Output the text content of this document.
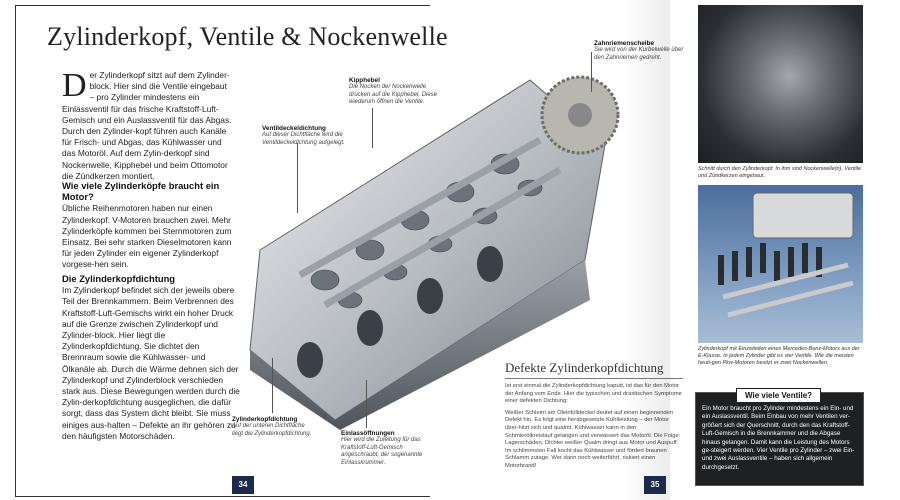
Zylinderkopf, Ventile & Nockenwelle
Der Zylinderkopf sitzt auf dem Zylinder-block. Hier sind die Ventile eingebaut – pro Zylinder mindestens ein Einlassventil für das frische Kraftstoff-Luft-Gemisch und ein Auslassventil für das Abgas. Durch den Zylinder-kopf führen auch Kanäle für Frisch- und Abgas, das Kühlwasser und das Motoröl. Auf dem Zylin-derkopf sind Nockenwelle, Kipphebel und beim Ottomotor die Zündkerzen montiert.
Wie viele Zylinderköpfe braucht ein Motor?
Übliche Reihenmotoren haben nur einen Zylinderkopf. V-Motoren brauchen zwei. Mehr Zylinderköpfe kommen bei Sternmotoren zum Einsatz. Bei sehr starken Dieselmotoren kann für jeden Zylinder ein eigener Zylinderkopf vorgese-hen sein.
Die Zylinderkopfdichtung
Im Zylinderkopf befindet sich der jeweils obere Teil der Brennkammern. Beim Verbrennen des Kraftstoff-Luft-Gemischs wirkt ein hoher Druck auf die Grenze zwischen Zylinderkopf und Zylinder-block. Hier liegt die Zylinderkopfdichtung. Sie dichtet den Brennraum sowie die Kühlwasser- und Ölkanäle ab. Durch die Wärme dehnen sich der Zylinderkopf und Zylinderblock verschieden stark aus. Diese Bewegungen werden durch die Zylin-derkopfdichtung ausgeglichen, die dafür sorgt, dass das System dicht bleibt. Sie muss einiges aus-halten – Defekte an ihr gehören zu den häufigsten Motorschäden.
Zahnriemenscheibe
Sie wird von der Kurbelwelle über den Zahnriemen gedreht.
Kipphebel
Die Nocken der Nockenwelle drücken auf die Kipphebel. Diese wiederum öffnen die Ventile.
Ventildeckeldichtung
Auf dieser Dichtfläche wird die Ventildeckeldichtung aufgelegt.
Zylinderkopfdichtung
Auf der unteren Dichtfläche liegt die Zylinderkopfdichtung.	Einlassöffnungen
Hier wird die Zuleitung für das Kraftstoff-Luft-Gemisch angeschraubt, der sogenannte Einlasskrümmer.
Defekte Zylinderkopfdichtung

Ist erst einmal die Zylinderkopfdichtung kaputt, ist das für den Motor der Anfang vom Ende. Hier die typischen und drastischen Symptome einer defekten Dichtung:

Weißer Schleim am Öleinfülldeckel deutet auf einen beginnenden Defekt hin. Es folgt eine herabgesetzte Kühlleistung – der Motor über-hitzt sich und qualmt. Kühlwasser kann in den Schmierölkreislauf gelangen und verwässert das Motoröl. Die Folge: Lagerschäden. Dichter weißer Qualm dringt aus Motor und Auspuff. Im schlimmsten Fall kocht das Kühlwasser und fördert braunen Schlamm zutage. Wer dann noch weiterfährt, riskiert einen Motorbrand!

Schnitt durch den Zylinderkopf. In ihm sind Nockenwelle(n), Ventile und Zündkerzen eingebaut.
Zylinderkopf mit Einzelteilen eines Mercedes-Benz-Motors aus der E-Klasse. In jedem Zylinder gibt es vier Ventile. Wie die meisten heuti-gen Pkw-Motoren besitzt er zwei Nockenwellen.
Wie viele Ventile?
Ein Motor braucht pro Zylinder mindestens ein Ein- und ein Auslassventil. Beim Einbau von mehr Ventilen ver-größert sich der Querschnitt, durch den das Kraftstoff-Luft-Gemisch in die Brennkammer und die Abgase hinaus gelangen. Damit kann die Leistung des Motors ge-steigert werden. Vier Ventile pro Zylinder – zwei Ein- und zwei Auslassventile – haben sich allgemein durchgesetzt.
34	35
